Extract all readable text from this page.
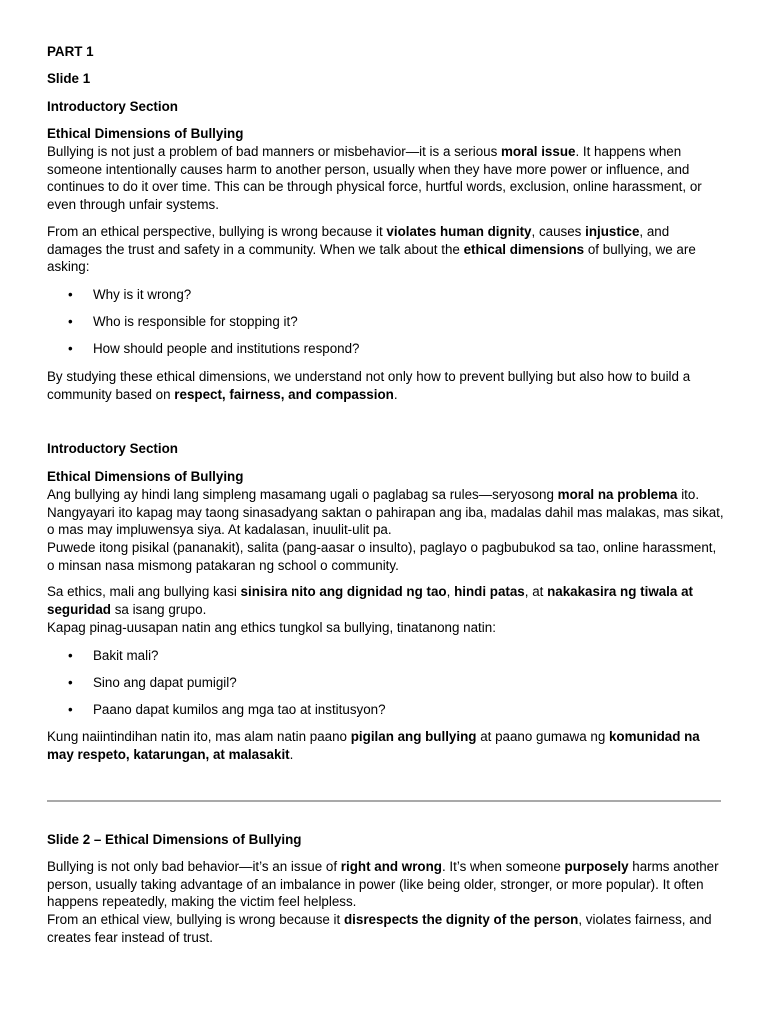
PART 1
Slide 1
Introductory Section
Ethical Dimensions of Bullying

Bullying is not just a problem of bad manners or misbehavior—it is a serious moral issue. It happens when someone intentionally causes harm to another person, usually when they have more power or influence, and continues to do it over time. This can be through physical force, hurtful words, exclusion, online harassment, or even through unfair systems.

From an ethical perspective, bullying is wrong because it violates human dignity, causes injustice, and damages the trust and safety in a community. When we talk about the ethical dimensions of bullying, we are asking:

•	Why is it wrong?
•	Who is responsible for stopping it?
•	How should people and institutions respond?

By studying these ethical dimensions, we understand not only how to prevent bullying but also how to build a community based on respect, fairness, and compassion.

Introductory Section
Ethical Dimensions of Bullying

Ang bullying ay hindi lang simpleng masamang ugali o paglabag sa rules—seryosong moral na problema ito. Nangyayari ito kapag may taong sinasadyang saktan o pahirapan ang iba, madalas dahil mas malakas, mas sikat, o mas may impluwensya siya. At kadalasan, inuulit-ulit pa.

Puwede itong pisikal (pananakit), salita (pang-aasar o insulto), paglayo o pagbubukod sa tao, online harassment, o minsan nasa mismong patakaran ng school o community.

Sa ethics, mali ang bullying kasi sinisira nito ang dignidad ng tao, hindi patas, at nakakasira ng tiwala at seguridad sa isang grupo.

Kapag pinag-uusapan natin ang ethics tungkol sa bullying, tinatanong natin:

•	Bakit mali?
•	Sino ang dapat pumigil?
•	Paano dapat kumilos ang mga tao at institusyon?

Kung naiintindihan natin ito, mas alam natin paano pigilan ang bullying at paano gumawa ng komunidad na may respeto, katarungan, at malasakit.

Slide 2 – Ethical Dimensions of Bullying

Bullying is not only bad behavior—it’s an issue of right and wrong. It’s when someone purposely harms another person, usually taking advantage of an imbalance in power (like being older, stronger, or more popular). It often happens repeatedly, making the victim feel helpless.

From an ethical view, bullying is wrong because it disrespects the dignity of the person, violates fairness, and creates fear instead of trust.
